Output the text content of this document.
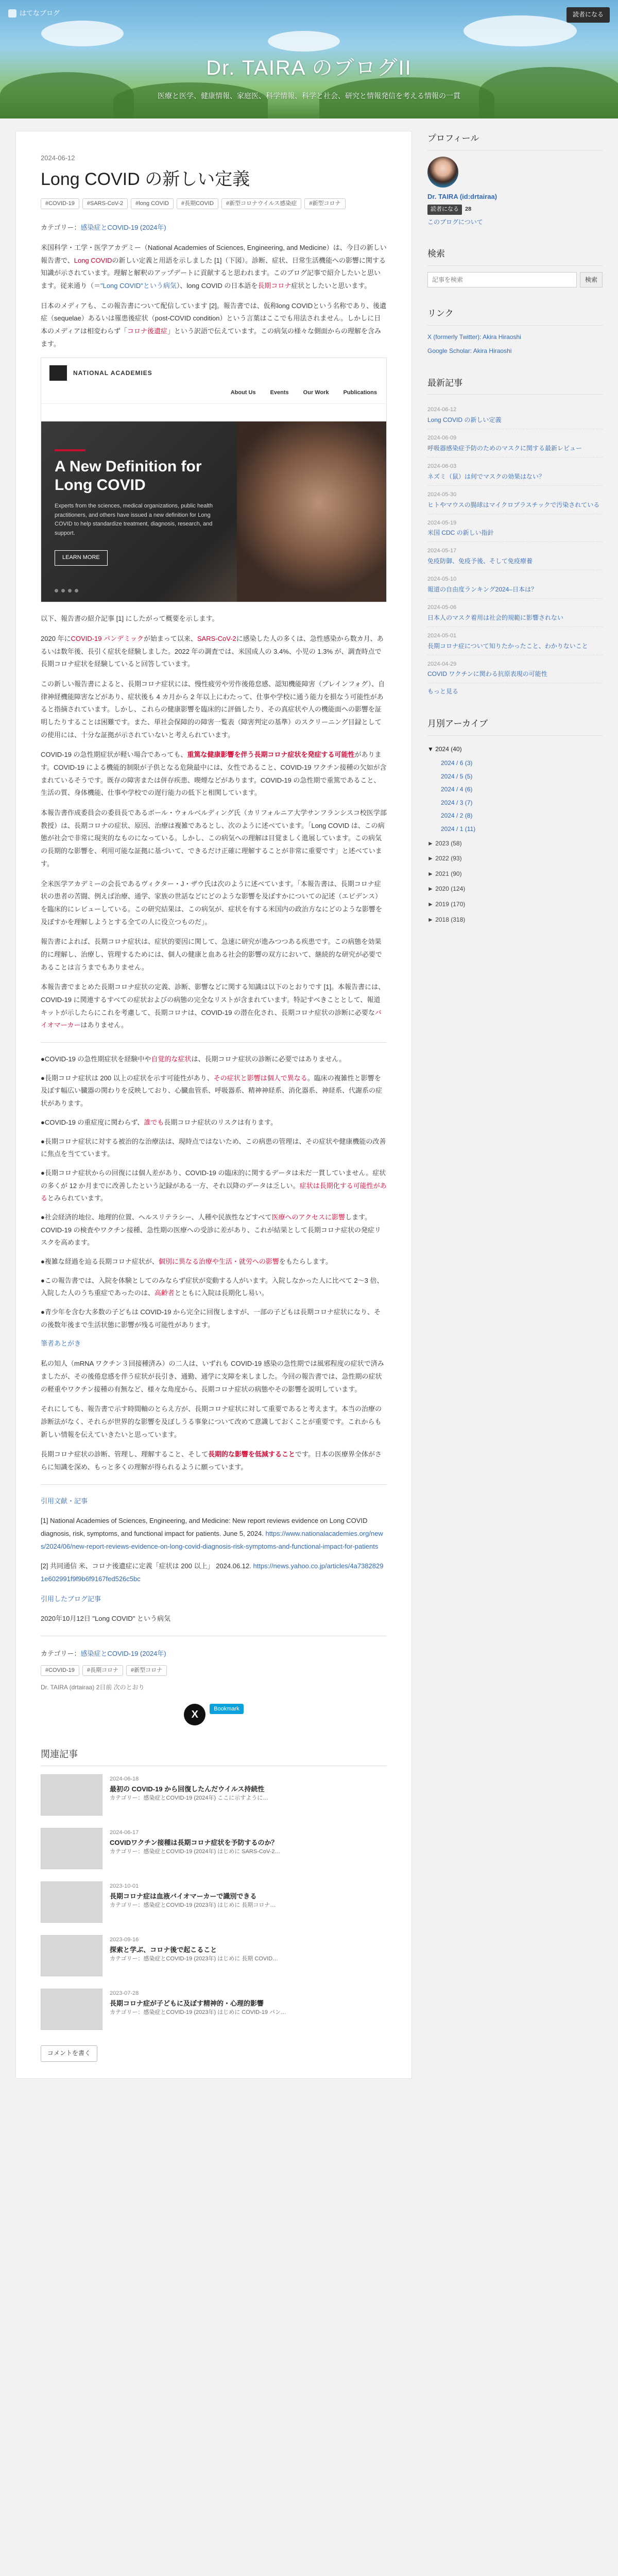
はてなブログ	読者になる
Dr. TAIRA のブログII
医療と医学、健康情報、家庭医、科学情報、科学と社会、研究と情報発信を考える情報の一貫
2024-06-12
Long COVID の新しい定義
#COVID-19	#SARS-CoV-2	#long COVID	#長期COVID	#新型コロナウイルス感染症	#新型コロナ

カテゴリー：感染症とCOVID-19 (2024年)

米国科学・工学・医学アカデミー（National Academies of Sciences, Engineering, and Medicine）は、今日の新しい報告書で、Long COVIDの新しい定義と用語を示しました [1]（下図）。診断、症状、日常生活機能への影響に関する知識が示されています。理解と解釈のアップデートに貢献すると思われます。このブログ記事で紹介したいと思います。従来通り（＝"Long COVID"という病気）、long COVID の日本語を長期コロナ症状としたいと思います。

日本のメディアも、この報告書について配信しています [2]。報告書では、仮称long COVIDという名称であり、後遺症（sequelae）あるいは罹患後症状（post-COVID condition）という言葉はここでも用法されません。しかしに日本のメディアは相変わらず「コロナ後遺症」という訳語で伝えています。この病気の様々な側面からの理解を含みます。

NATIONAL ACADEMIES
About Us	Events	Our Work	Publications
A New Definition for Long COVID
Experts from the sciences, medical organizations, public health practitioners, and others have issued a new definition for Long COVID to help standardize treatment, diagnosis, research, and support.
LEARN MORE

以下、報告書の紹介記事 [1] にしたがって概要を示します。

2020 年にCOVID-19 パンデミックが始まって以来、SARS-CoV-2に感染した人の多くは、急性感染から数カ月、あるいは数年後、長引く症状を経験しました。2022 年の調査では、米国成人の 3.4%、小児の 1.3% が、調査時点で長期コロナ症状を経験していると回答しています。

この新しい報告書によると、長期コロナ症状には、慢性疲労や労作後倦怠感、認知機能障害（ブレインフォグ）、自律神経機能障害などがあり、症状後も 4 カ月から 2 年以上にわたって、仕事や学校に通う能力を損なう可能性があると指摘されています。しかし、これらの健康影響を臨床的に評価したり、その真症状や人の機能面への影響を証明したりすることは困難です。また、単社会保障的の障害一覧表（障害判定の基準）のスクリーニング目録としての使用には、十分な証拠が示されていないと考えられています。

COVID-19 の急性期症状が軽い場合であっても、重篤な健康影響を伴う長期コロナ症状を発症する可能性があります。COVID-19 による機能的制限が子供となる危険最中には、女性であること、COVID-19 ワクチン接種の欠如が含まれているそうです。既存の障害または併存疾患、喫煙などがあります。COVID-19 の急性期で重篤であること、生活の質、身体機能、仕事や学校での遅行能力の低下と相関しています。

本報告書作成委員会の委員長であるボール・ウォルベルディング氏（カリフォルニア大学サンフランシスコ校医学部教授）は、長期コロナの症状、原因、治療は複雑であるとし、次のように述べています。「Long COVID は、この病態が社会で非常に現実的なものになっている。しかし、この病気への理解は目覚ましく進展しています。この病気の長期的な影響を、利用可能な証拠に基づいて、できるだけ正確に理解することが非常に重要です」と述べています。

全米医学アカデミーの会長であるヴィクター・J・ザウ氏は次のように述べています。「本報告書は、長期コロナ症状の患者の苦闘、例えば治療、通学、家族の世話などにどのような影響を及ぼすかについての記述（エビデンス）を臨床的にレビューしている。この研究結果は、この病気が、症状を有する米国内の政治方なにどのような影響を及ぼすかを理解しようとする全ての人に役立つものだ」。

報告書によれば、長期コロナ症状は、症状的要因に関して、急速に研究が進みつつある疾患です。この病態を効果的に理解し、治療し、管理するためには、個人の健康と血ある社会的影響の双方において、継続的な研究が必要であることは言うまでもありません。

本報告書でまとめた長期コロナ症状の定義、診断、影響などに関する知識は以下のとおりです [1]。本報告書には、COVID-19 に関連するすべての症状およびの病態の完全なリストが含まれています。特記すべきこととして、報道キットが示したらにこれを考慮して、長期コロナは、COVID-19 の潜在化され、長期コロナ症状の診断に必要なバイオマーカーはありません。

●COVID-19 の急性期症状を経験中や自覚的な症状は、長期コロナ症状の診断に必要ではありません。
●長期コロナ症状は 200 以上の症状を示す可能性があり、その症状と影響は個人で異なる。臨床の複雑性と影響を及ぼす幅広い臓器の関わりを反映しており、心臓血管系、呼吸器系、精神神経系、消化器系、神経系、代謝系の症状があります。
●COVID-19 の重症度に関わらず、誰でも長期コロナ症状のリスクは有ります。
●長期コロナ症状に対する被治的な治療法は、現時点ではないため、この病患の管理は、その症状や健康機能の改善に焦点を当てています。
●長期コロナ症状からの回復には個人差があり、COVID-19 の臨床的に関するデータは未だ一貫していません。症状の多くが 12 か月までに改善したという記録がある一方、それ以降のデータは乏しい。症状は長期化する可能性があるとみられています。
●社会経済的地位、地理的位置、ヘルスリテラシー、人種や民族性などすべて医療へのアクセスに影響します。COVID-19 の検査やワクチン接種、急性期の医療への受診に差があり、これが結果として長期コロナ症状の発症リスクを高めます。
●複雑な経過を辿る長期コロナ症状が、個別に異なる治療や生活・就労への影響をもたらします。
●この報告書では、入院を体験としてのみならず症状が変動する人がいます。入院しなかった人に比べて 2〜3 倍、入院した人のうち重症であったのは、高齢者とともに入院は長期化し易い。
●青少年を含む大多数の子どもは COVID-19 から完全に回復しますが、一部の子どもは長期コロナ症状になり、その後数年後まで生活状態に影響が残る可能性があります。

筆者あとがき

私の知人（mRNA ワクチン３回接種済み）の二人は、いずれも COVID-19 感染の急性期では風邪程度の症状で済みましたが、その後倦怠感を伴う症状が長引き、通勤、通学に支障を来しました。今回の報告書では、急性期の症状の軽重やワクチン接種の有無など、様々な角度から、長期コロナ症状の病態やその影響を説明しています。

それにしても、報告書で示す時間軸のとらえ方が、長期コロナ症状に対して重要であると考えます。本当の治療の診断法がなく、それらが世界的な影響を及ぼしうる事象について改めて意識しておくことが重要です。これからも新しい情報を伝えていきたいと思っています。

長期コロナ症状の診断、管理し、理解すること、そして長期的な影響を低減することです。日本の医療界全体がさらに知識を深め、もっと多くの理解が得られるように願っています。

引用文献・記事

[1] National Academies of Sciences, Engineering, and Medicine: New report reviews evidence on Long COVID diagnosis, risk, symptoms, and functional impact for patients. June 5, 2024. https://www.nationalacademies.org/news/2024/06/new-report-reviews-evidence-on-long-covid-diagnosis-risk-symptoms-and-functional-impact-for-patients

[2] 共同通信 米、コロナ後遺症に定義「症状は 200 以上」 2024.06.12. https://news.yahoo.co.jp/articles/4a73828291e602991f9f9b6f9167fed526c5bc

引用したブログ記事

2020年10月12日 "Long COVID" という病気

カテゴリー：感染症とCOVID-19 (2024年)
#COVID-19	#長期コロナ	#新型コロナ
Dr. TAIRA (drtairaa) 2日前 次のとおり
X	Bookmark
関連記事
2024-06-18
最初の COVID-19 から回復したんだウイルス持続性
カテゴリー：感染症とCOVID-19 (2024年) ここに示すように…
2024-06-17
COVIDワクチン接種は長期コロナ症状を予防するのか？
カテゴリー：感染症とCOVID-19 (2024年) はじめに SARS-CoV-2…
2023-10-01
長期コロナ症は血液バイオマーカーで識別できる
カテゴリー：感染症とCOVID-19 (2023年) はじめに 長期コロナ…
2023-09-16
探索と学ぶ、コロナ後で起こること
カテゴリー：感染症とCOVID-19 (2023年) はじめに 長期 COVID…
2023-07-28
長期コロナ症が子どもに及ぼす精神的・心理的影響
カテゴリー：感染症とCOVID-19 (2023年) はじめに COVID-19 パン…
コメントを書く
プロフィール
Dr. TAIRA (id:drtairaa)
読者になる	28
このブログについて
検索
記事を検索
検索
リンク
X (formerly Twitter): Akira Hiraoshi
Google Scholar: Akira Hiraoshi
最新記事
2024-06-12
Long COVID の新しい定義
2024-06-09
呼吸器感染症予防のためのマスクに関する最新レビュー
2024-06-03
ネズミ（鼠）は何でマスクの効果はない？
2024-05-30
ヒトやマウスの腸球はマイクロプラスチックで汚染されている
2024-05-19
米国 CDC の新しい指針
2024-05-17
免疫防御、免疫予後、そして免疫療養
2024-05-10
報道の自由度ランキング2024–日本は？
2024-05-06
日本人のマスク着用は社会的規範に影響されない
2024-05-01
長期コロナ症について知りたかったこと、わかりないこと
2024-04-29
COVID ワクチンに関わる抗原表現の可能性
もっと見る
月別アーカイブ
▼ 2024 (40)
2024 / 6 (3)
2024 / 5 (5)
2024 / 4 (6)
2024 / 3 (7)
2024 / 2 (8)
2024 / 1 (11)
► 2023 (58)
► 2022 (93)
► 2021 (90)
► 2020 (124)
► 2019 (170)
► 2018 (318)
